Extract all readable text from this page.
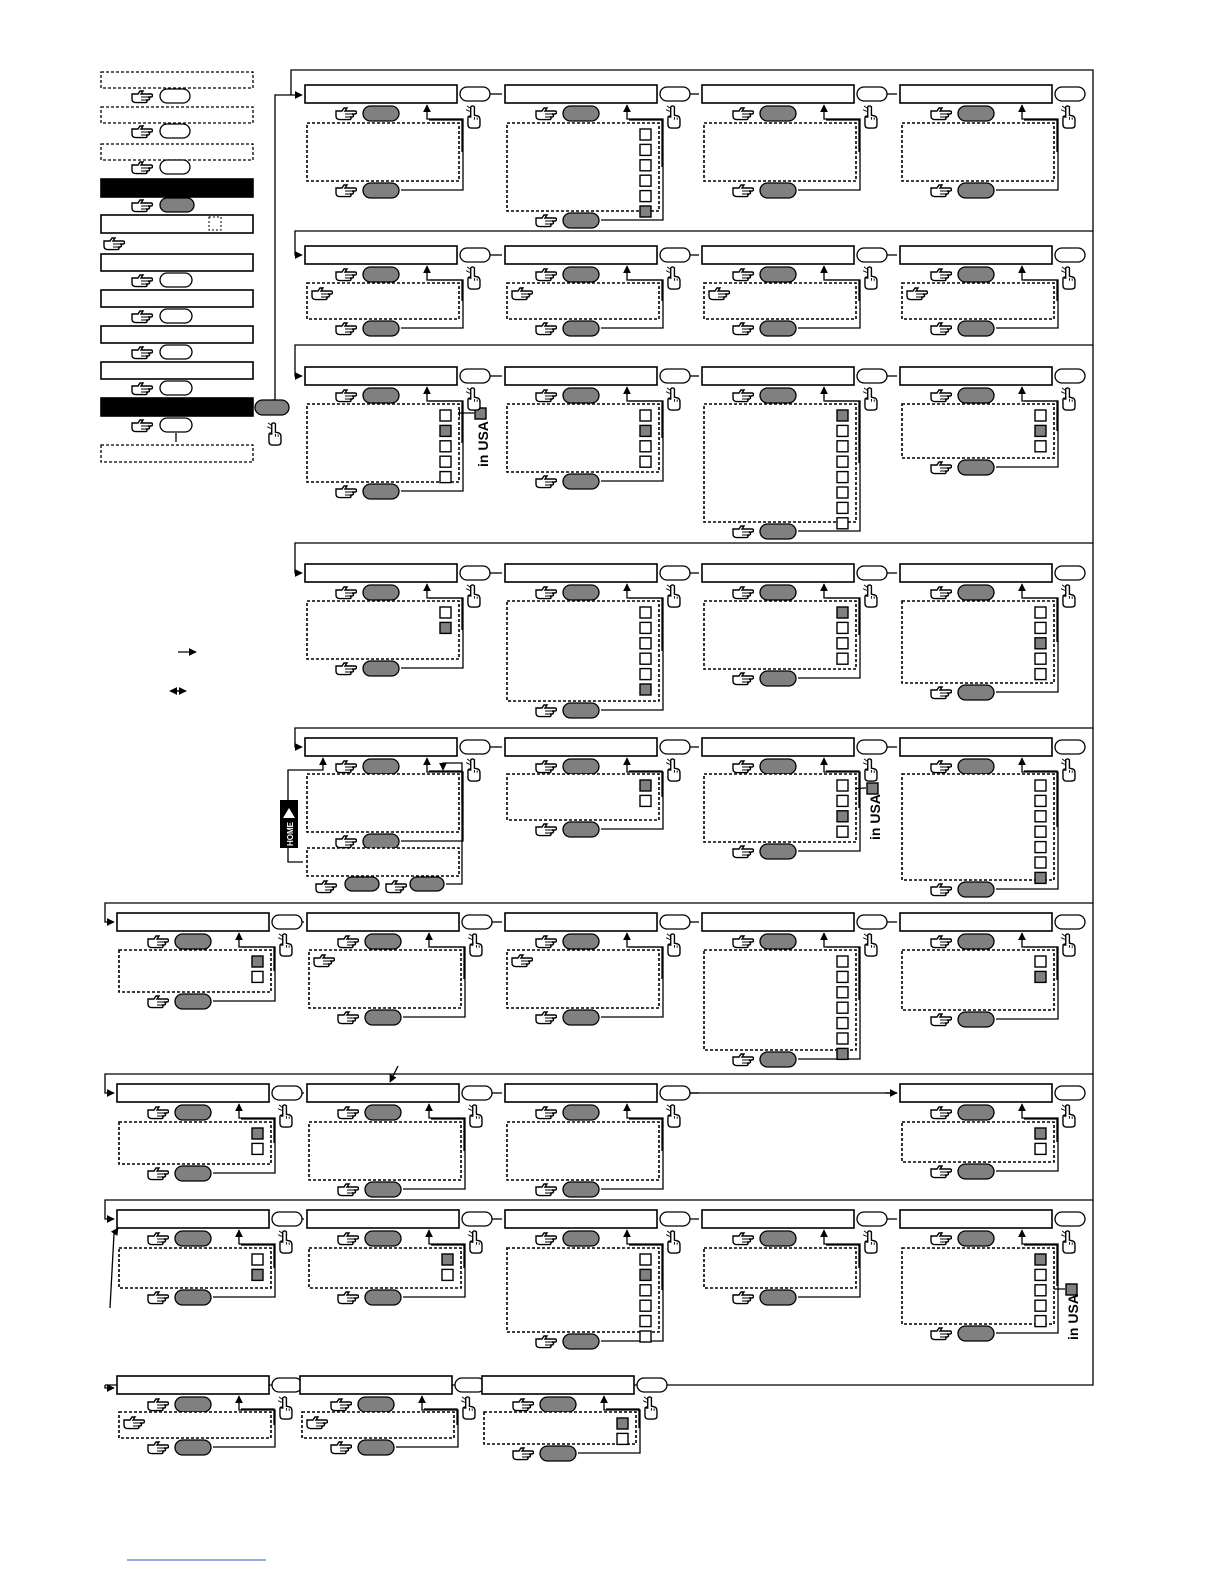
in USA
in USA
in USA
HOME
